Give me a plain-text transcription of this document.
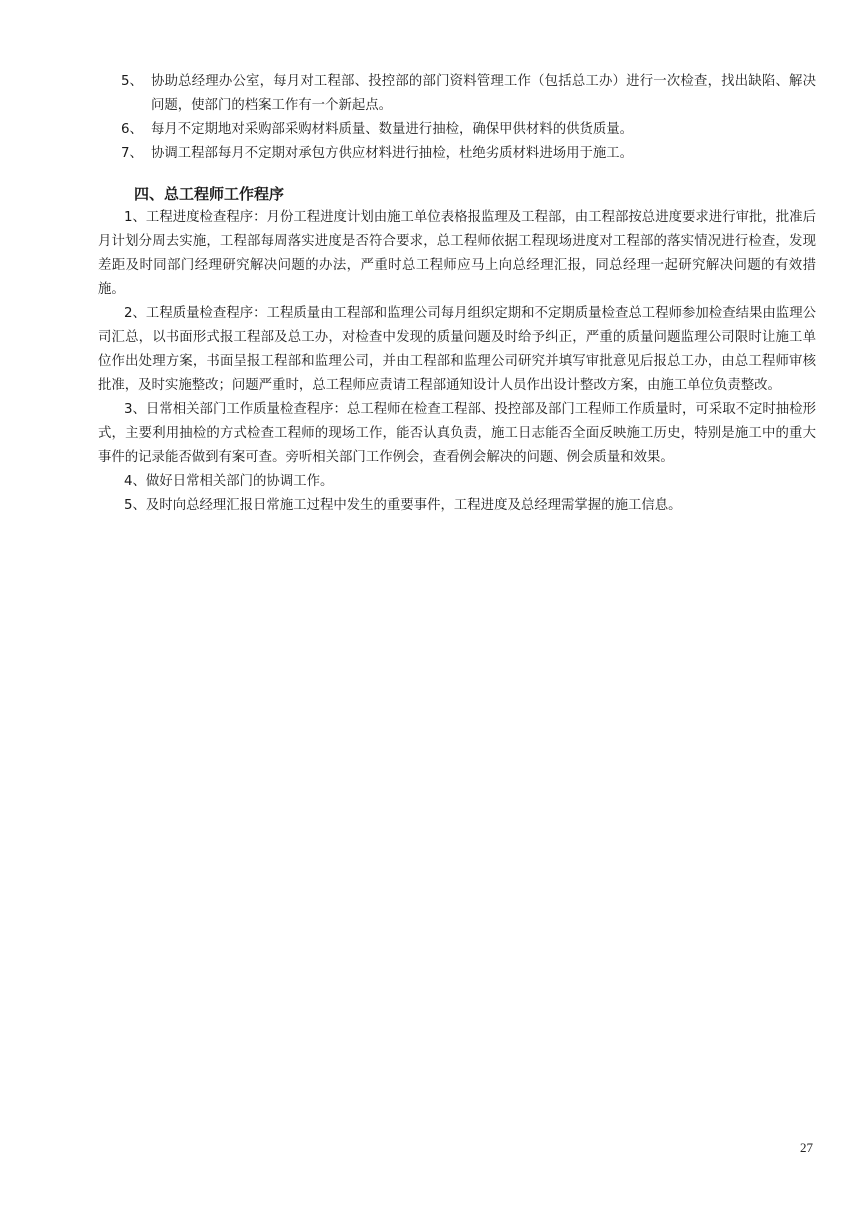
5、 协助总经理办公室，每月对工程部、投控部的部门资料管理工作（包括总工办）进行一次检查，找出缺陷、解决问题，使部门的档案工作有一个新起点。
6、 每月不定期地对采购部采购材料质量、数量进行抽检，确保甲供材料的供货质量。
7、 协调工程部每月不定期对承包方供应材料进行抽检，杜绝劣质材料进场用于施工。
四、总工程师工作程序

1、工程进度检查程序：月份工程进度计划由施工单位表格报监理及工程部，由工程部按总进度要求进行审批，批准后月计划分周去实施，工程部每周落实进度是否符合要求，总工程师依据工程现场进度对工程部的落实情况进行检查，发现差距及时同部门经理研究解决问题的办法，严重时总工程师应马上向总经理汇报，同总经理一起研究解决问题的有效措施。

2、工程质量检查程序：工程质量由工程部和监理公司每月组织定期和不定期质量检查总工程师参加检查结果由监理公司汇总，以书面形式报工程部及总工办，对检查中发现的质量问题及时给予纠正，严重的质量问题监理公司限时让施工单位作出处理方案，书面呈报工程部和监理公司，并由工程部和监理公司研究并填写审批意见后报总工办，由总工程师审核批准，及时实施整改；问题严重时，总工程师应责请工程部通知设计人员作出设计整改方案，由施工单位负责整改。

3、日常相关部门工作质量检查程序：总工程师在检查工程部、投控部及部门工程师工作质量时，可采取不定时抽检形式，主要利用抽检的方式检查工程师的现场工作，能否认真负责，施工日志能否全面反映施工历史，特别是施工中的重大事件的记录能否做到有案可查。旁听相关部门工作例会，查看例会解决的问题、例会质量和效果。

4、做好日常相关部门的协调工作。

5、及时向总经理汇报日常施工过程中发生的重要事件，工程进度及总经理需掌握的施工信息。

27
